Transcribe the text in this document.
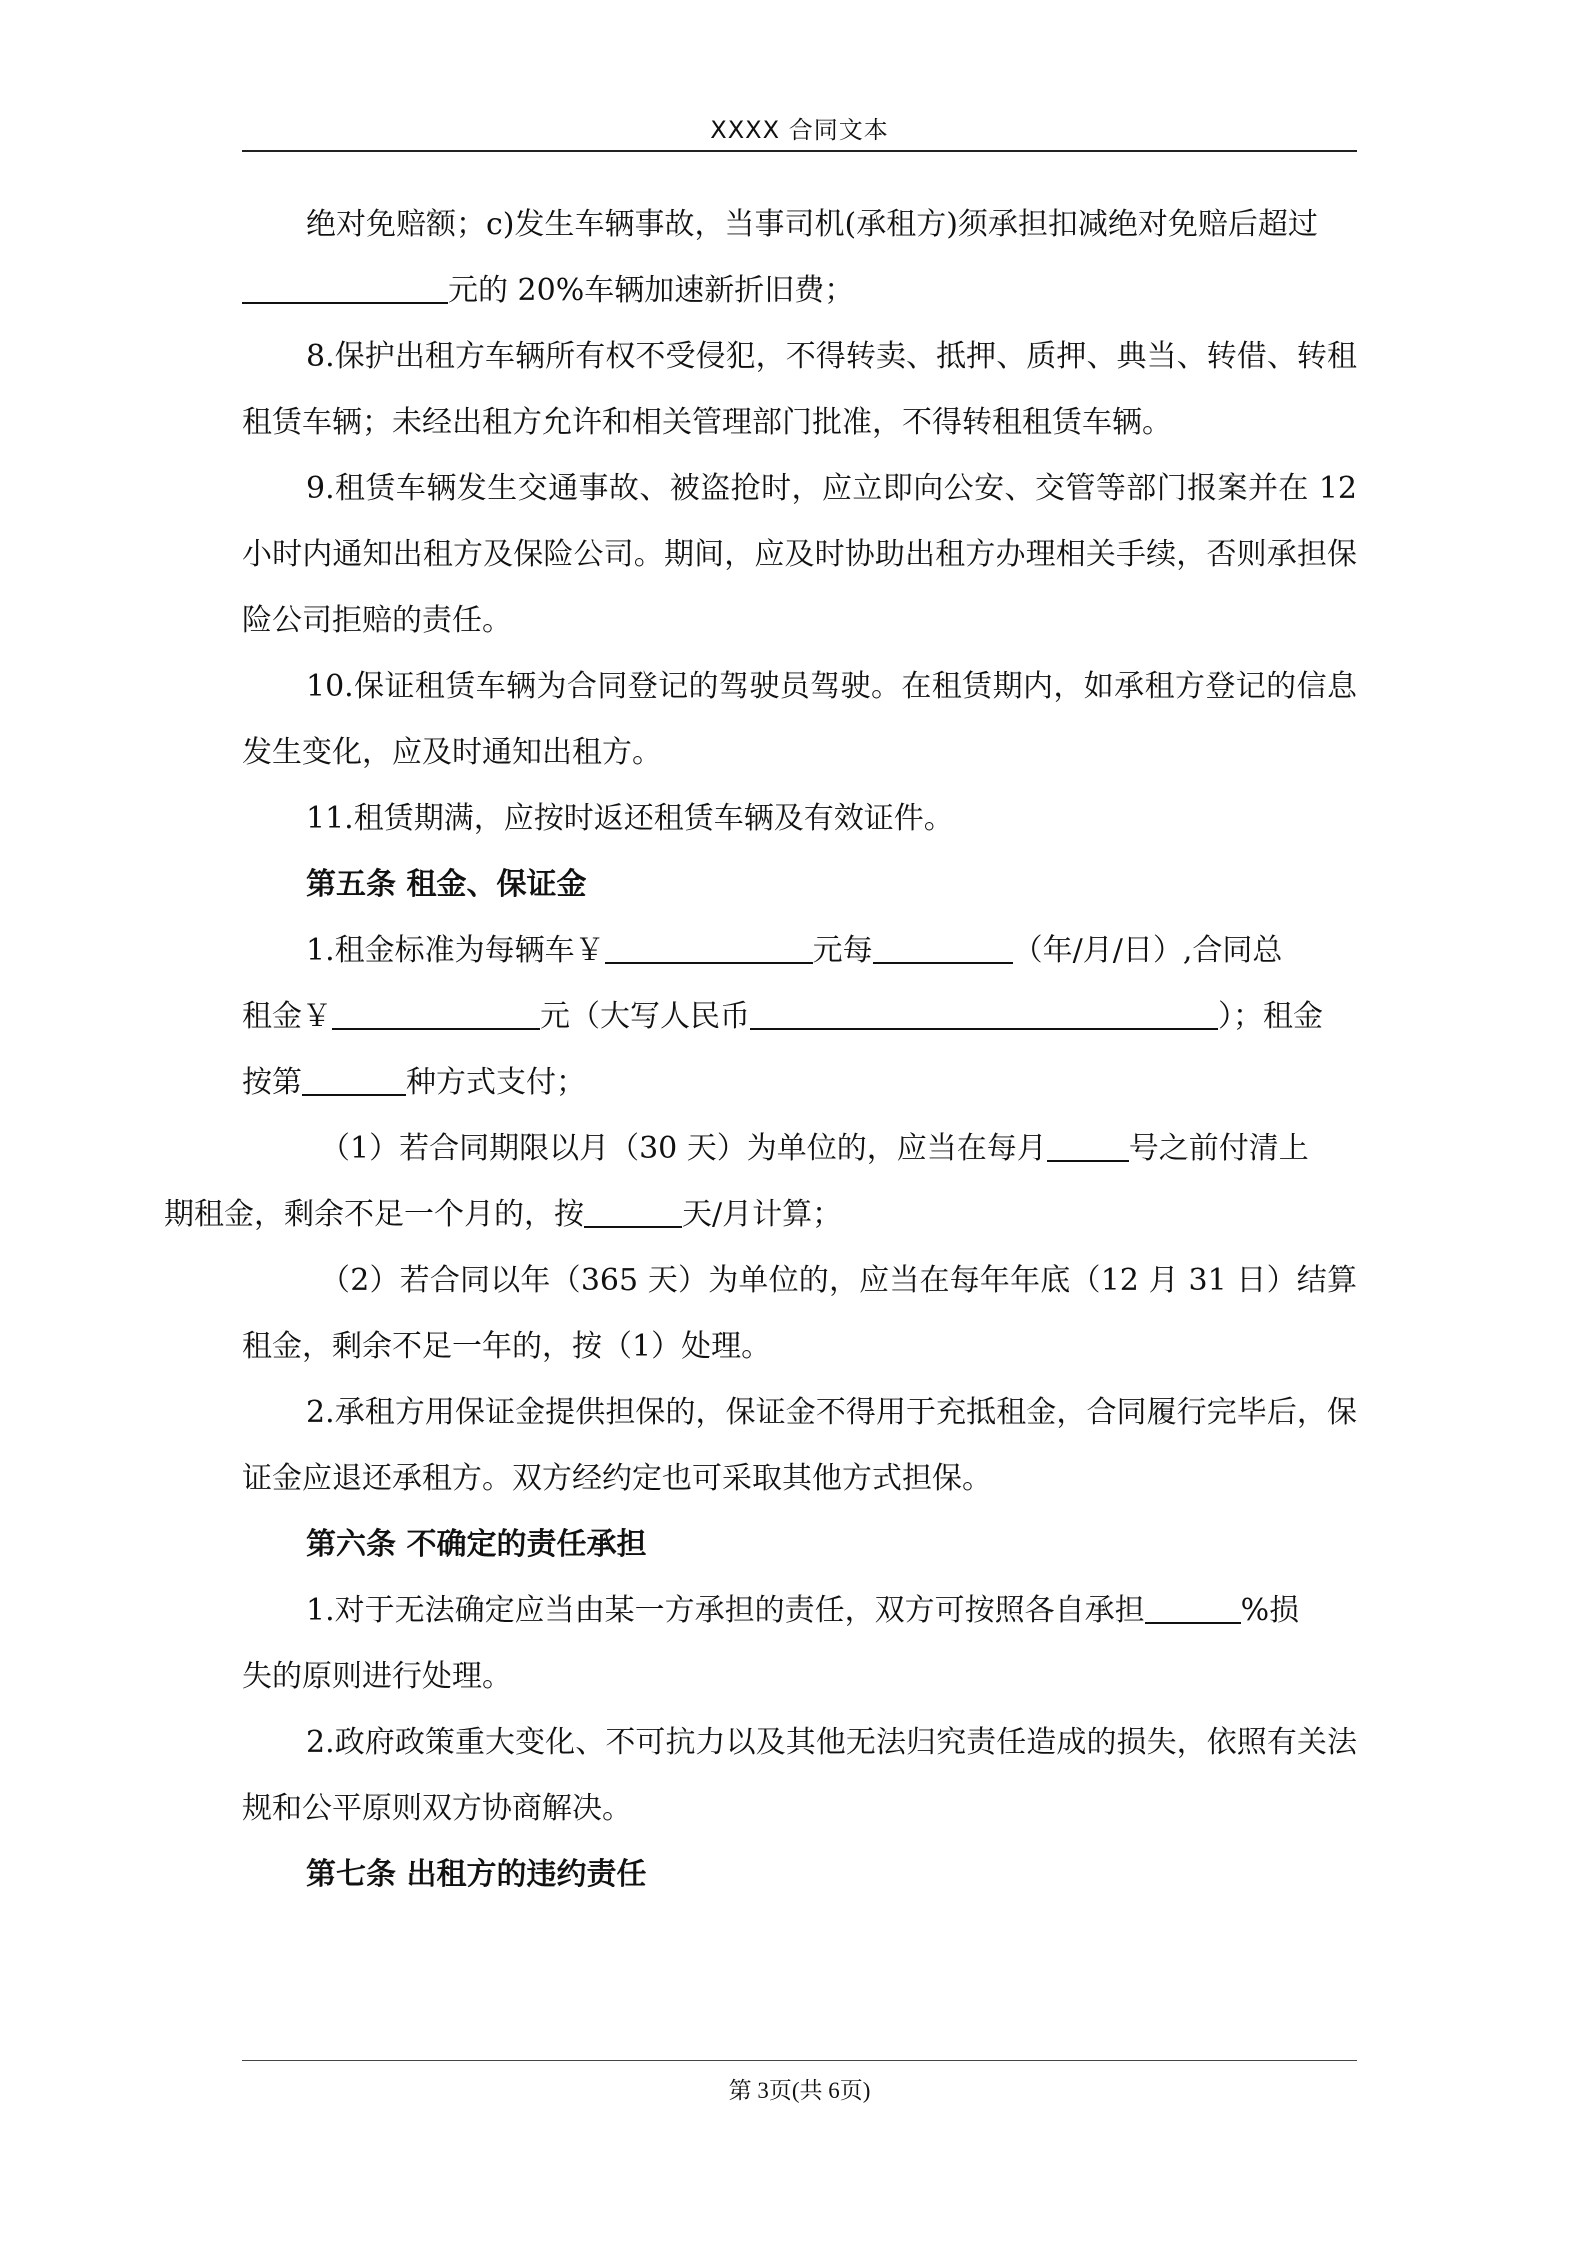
XXXX 合同文本

绝对免赔额；c)发生车辆事故，当事司机(承租方)须承担扣减绝对免赔后超过
元的 20%车辆加速新折旧费；

8.保护出租方车辆所有权不受侵犯，不得转卖、抵押、质押、典当、转借、转租租赁车辆；未经出租方允许和相关管理部门批准，不得转租租赁车辆。

9.租赁车辆发生交通事故、被盗抢时，应立即向公安、交管等部门报案并在 12 小时内通知出租方及保险公司。期间，应及时协助出租方办理相关手续，否则承担保险公司拒赔的责任。

10.保证租赁车辆为合同登记的驾驶员驾驶。在租赁期内，如承租方登记的信息发生变化，应及时通知出租方。

11.租赁期满，应按时返还租赁车辆及有效证件。

第五条 租金、保证金

1.租金标准为每辆车￥	元每	（年/月/日）,合同总
租金￥	元（大写人民币	）；租金
按第	种方式支付；

（1）若合同期限以月（30 天）为单位的，应当在每月	号之前付清上
期租金，剩余不足一个月的，按	天/月计算；

（2）若合同以年（365 天）为单位的，应当在每年年底（12 月 31 日）结算租金，剩余不足一年的，按（1）处理。

2.承租方用保证金提供担保的，保证金不得用于充抵租金，合同履行完毕后，保证金应退还承租方。双方经约定也可采取其他方式担保。

第六条 不确定的责任承担

1.对于无法确定应当由某一方承担的责任，双方可按照各自承担	%损
失的原则进行处理。

2.政府政策重大变化、不可抗力以及其他无法归究责任造成的损失，依照有关法规和公平原则双方协商解决。

第七条 出租方的违约责任

第 3页(共 6页)
